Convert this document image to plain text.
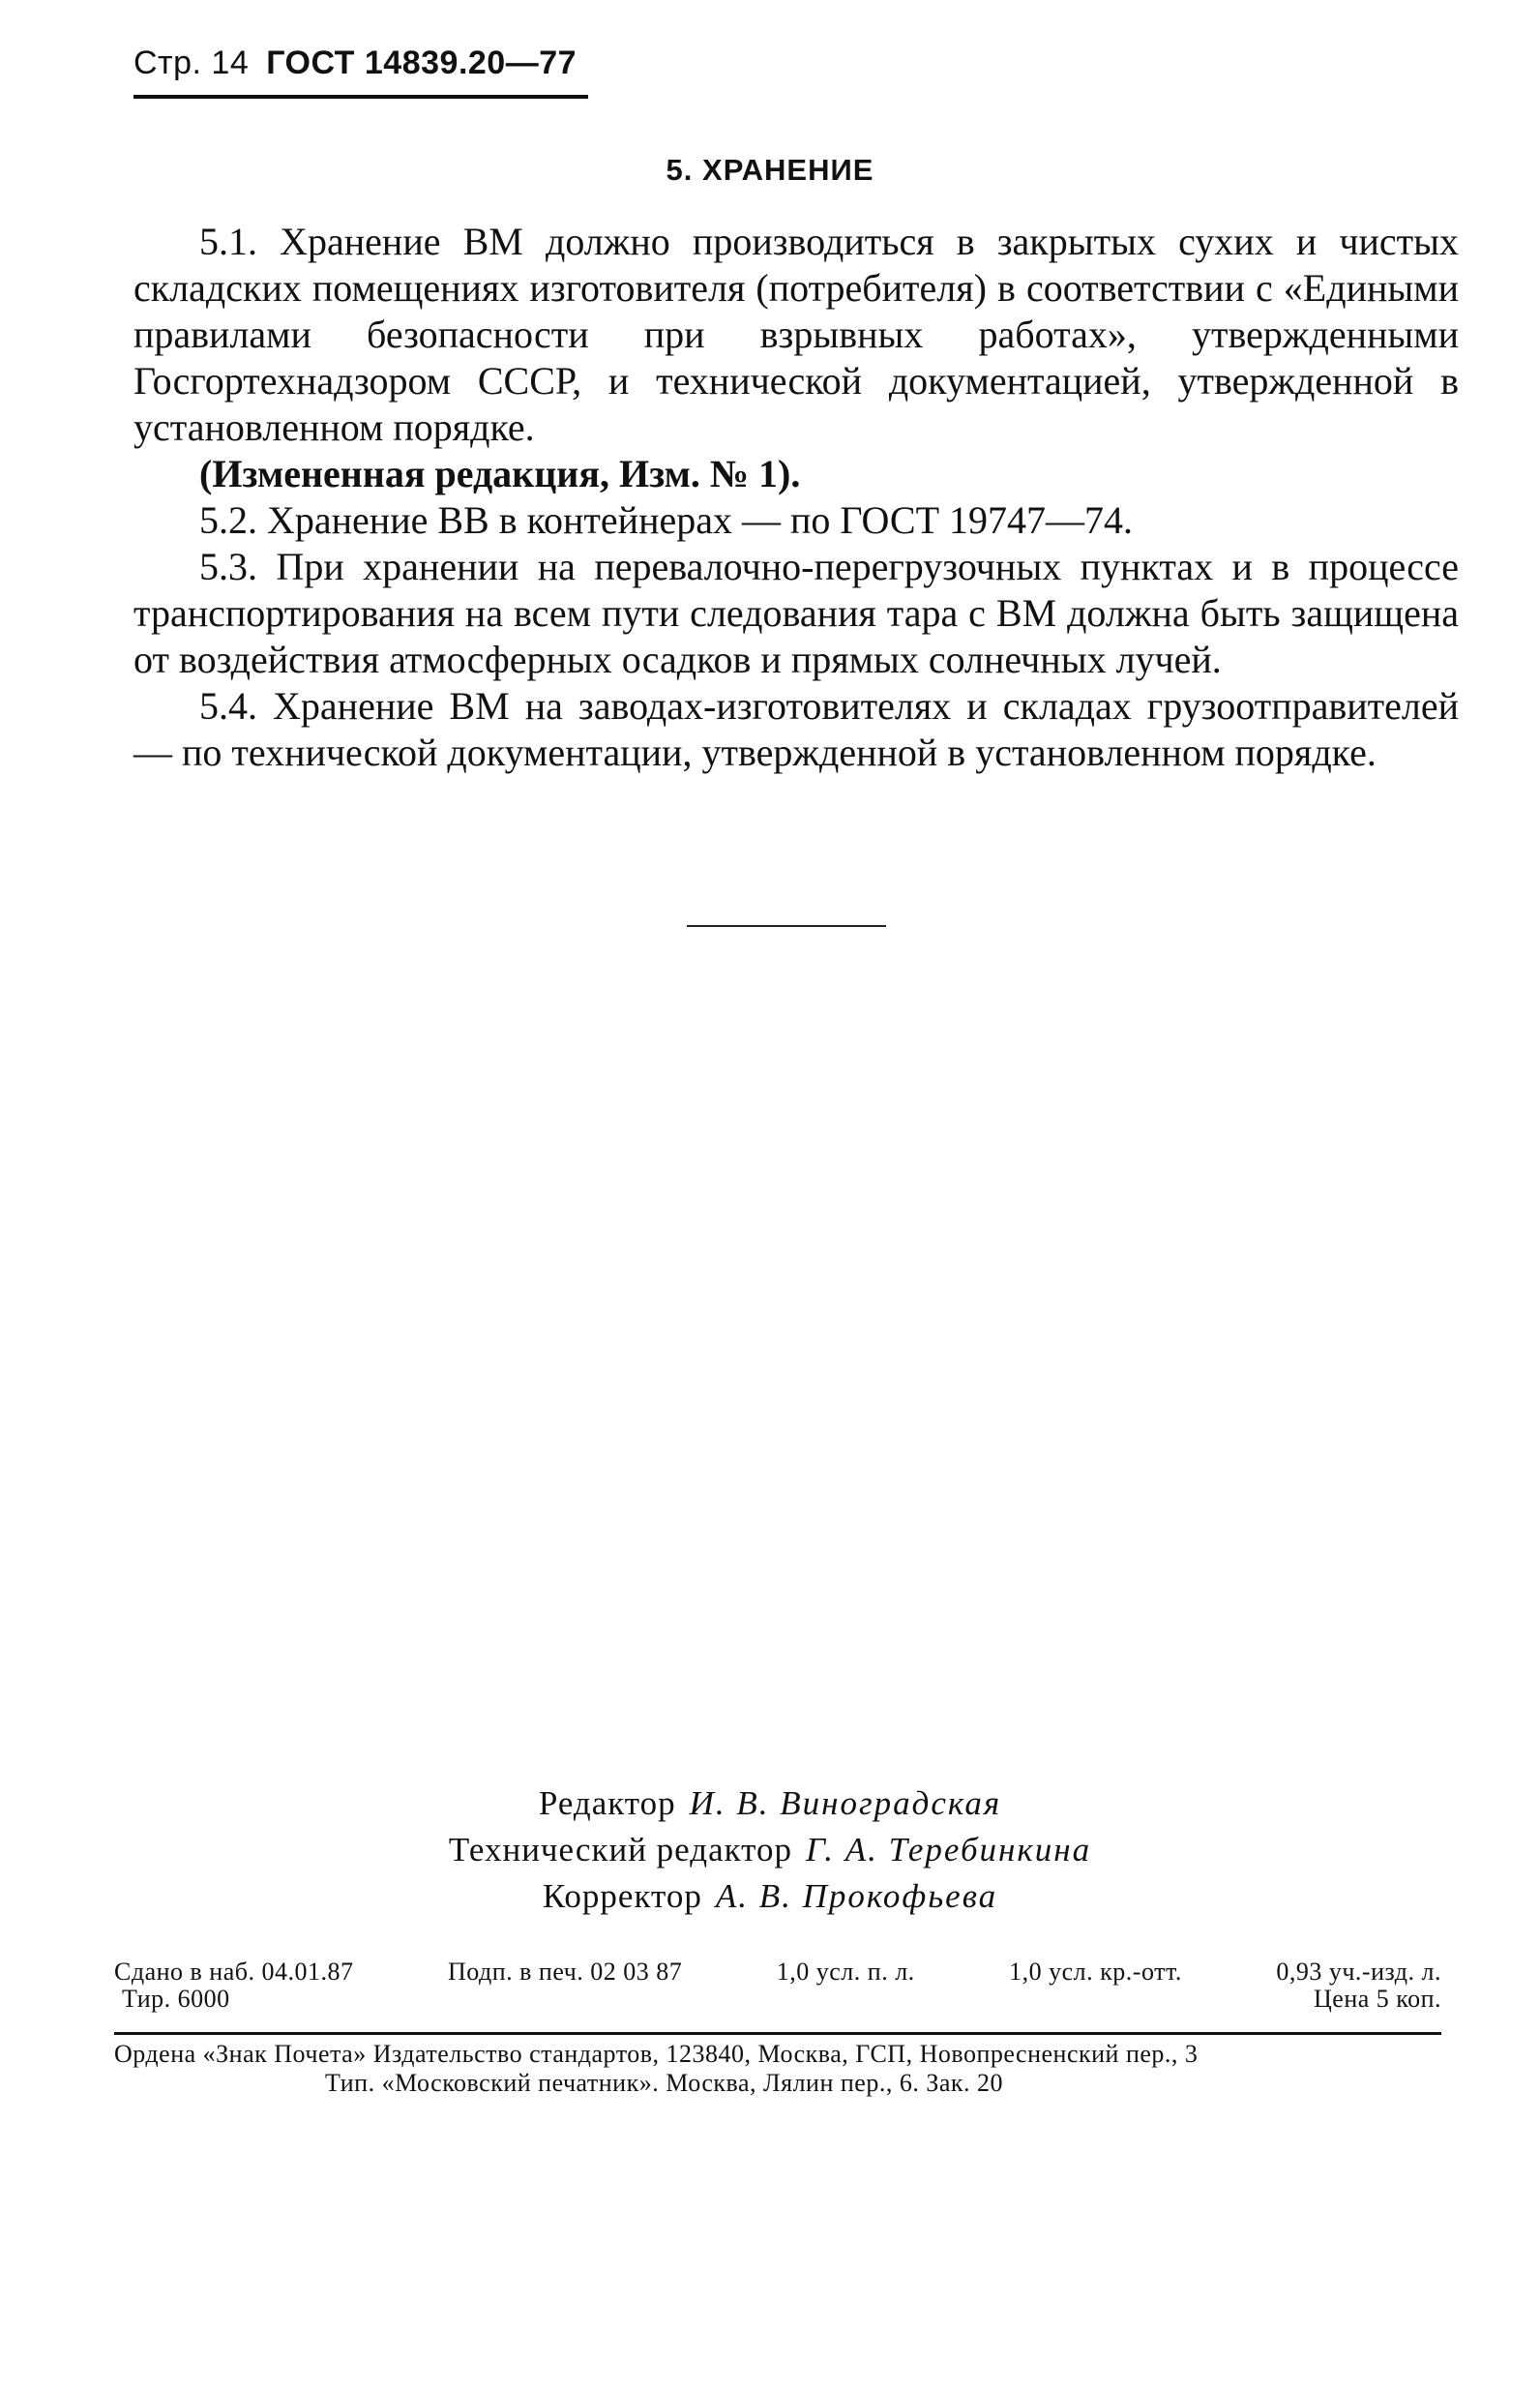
Стр. 14 ГОСТ 14839.20—77
5. ХРАНЕНИЕ

5.1. Хранение ВМ должно производиться в закрытых сухих и чистых складских помещениях изготовителя (потребителя) в соответствии с «Едиными правилами безопасности при взрывных работах», утвержденными Госгортехнадзором СССР, и технической документацией, утвержденной в установленном порядке.

(Измененная редакция, Изм. № 1).

5.2. Хранение ВВ в контейнерах — по ГОСТ 19747—74.

5.3. При хранении на перевалочно-перегрузочных пунктах и в процессе транспортирования на всем пути следования тара с ВМ должна быть защищена от воздействия атмосферных осадков и прямых солнечных лучей.

5.4. Хранение ВМ на заводах-изготовителях и складах грузоотправителей — по технической документации, утвержденной в установленном порядке.

Редактор И. В. Виноградская
Технический редактор Г. А. Теребинкина
Корректор А. В. Прокофьева
Сдано в наб. 04.01.87	Подп. в печ. 02 03 87	1,0 усл. п. л.	1,0 усл. кр.-отт.	0,93 уч.-изд. л.
Тир. 6000	Цена 5 коп.
Ордена «Знак Почета» Издательство стандартов, 123840, Москва, ГСП, Новопресненский пер., 3
Тип. «Московский печатник». Москва, Лялин пер., 6. Зак. 20
